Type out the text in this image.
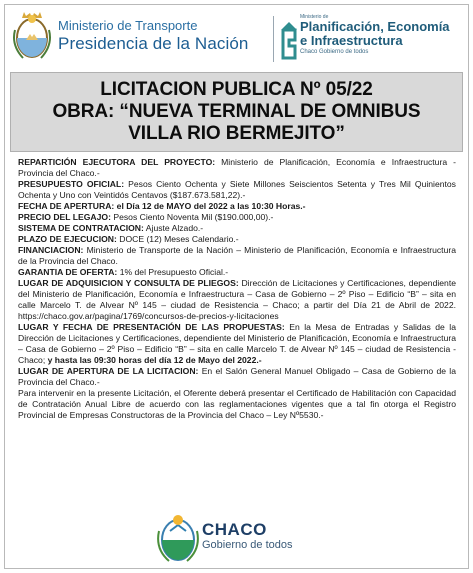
Ministerio de Transporte
Presidencia de la Nación
Ministerio de
Planificación, Economía
e Infraestructura
Chaco Gobierno de todos
LICITACION PUBLICA Nº 05/22
OBRA: “NUEVA TERMINAL DE OMNIBUS
VILLA RIO BERMEJITO”

REPARTICIÓN EJECUTORA DEL PROYECTO: Ministerio de Planificación, Economía e Infraestructura - Provincia del Chaco.-

PRESUPUESTO OFICIAL: Pesos Ciento Ochenta y Siete Millones Seiscientos Setenta y Tres Mil Quinientos Ochenta y Uno con Veintidós Centavos ($187.673.581,22).-

FECHA DE APERTURA: el Día 12 de MAYO del 2022 a las 10:30 Horas.-

PRECIO DEL LEGAJO: Pesos Ciento Noventa Mil ($190.000,00).-

SISTEMA DE CONTRATACION: Ajuste Alzado.-

PLAZO DE EJECUCION: DOCE (12) Meses Calendario.-

FINANCIACION: Ministerio de Transporte de la Nación – Ministerio de Planificación, Economía e Infraestructura de la Provincia del Chaco.

GARANTIA DE OFERTA: 1% del Presupuesto Oficial.-

LUGAR DE ADQUISICION Y CONSULTA DE PLIEGOS: Dirección de Licitaciones y Certificaciones, dependiente del Ministerio de Planificación, Economía e Infraestructura – Casa de Gobierno – 2º Piso – Edificio “B” – sita en calle Marcelo T. de Alvear Nº 145 – ciudad de Resistencia – Chaco; a partir del Día 21 de Abril de 2022. https://chaco.gov.ar/pagina/1769/concursos-de-precios-y-licitaciones

LUGAR Y FECHA DE PRESENTACIÓN DE LAS PROPUESTAS: En la Mesa de Entradas y Salidas de la Dirección de Licitaciones y Certificaciones, dependiente del Ministerio de Planificación, Economía e Infraestructura – Casa de Gobierno – 2º Piso – Edificio “B” – sita en calle Marcelo T. de Alvear Nº 145 – ciudad de Resistencia - Chaco; y hasta las 09:30 horas del día 12 de Mayo del 2022.-

LUGAR DE APERTURA DE LA LICITACION: En el Salón General Manuel Obligado – Casa de Gobierno de la Provincia del Chaco.-

Para intervenir en la presente Licitación, el Oferente deberá presentar el Certificado de Habilitación con Capacidad de Contratación Anual Libre de acuerdo con las reglamentaciones vigentes que a tal fin otorga el Registro Provincial de Empresas Constructoras de la Provincia del Chaco – Ley Nº5530.-

CHACO
Gobierno de todos
